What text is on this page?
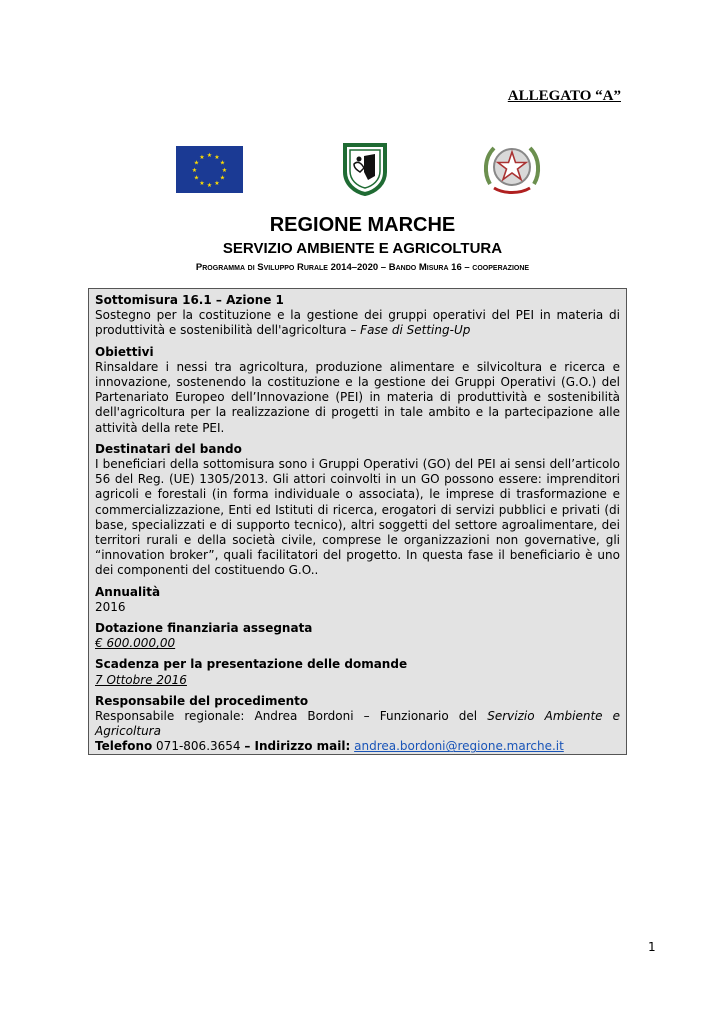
ALLEGATO “A”
★ ★
★
★
★
★
★
★
★
★
★
★
REGIONE MARCHE
SERVIZIO AMBIENTE E AGRICOLTURA
Programma di Sviluppo Rurale 2014–2020 – Bando Misura 16 – cooperazione
Sottomisura 16.1 – Azione 1

Sostegno per la costituzione e la gestione dei gruppi operativi del PEI in materia di produttività e sostenibilità dell'agricoltura – Fase di Setting-Up

Obiettivi

Rinsaldare i nessi tra agricoltura, produzione alimentare e silvicoltura e ricerca e innovazione, sostenendo la costituzione e la gestione dei Gruppi Operativi (G.O.) del Partenariato Europeo dell’Innovazione (PEI) in materia di produttività e sostenibilità dell'agricoltura per la realizzazione di progetti in tale ambito e la partecipazione alle attività della rete PEI.

Destinatari del bando

I beneficiari della sottomisura sono i Gruppi Operativi (GO) del PEI ai sensi dell’articolo 56 del Reg. (UE) 1305/2013. Gli attori coinvolti in un GO possono essere: imprenditori agricoli e forestali (in forma individuale o associata), le imprese di trasformazione e commercializzazione, Enti ed Istituti di ricerca, erogatori di servizi pubblici e privati (di base, specializzati e di supporto tecnico), altri soggetti del settore agroalimentare, dei territori rurali e della società civile, comprese le organizzazioni non governative, gli “innovation broker”, quali facilitatori del progetto. In questa fase il beneficiario è uno dei componenti del costituendo G.O..

Annualità

2016

Dotazione finanziaria assegnata

€ 600.000,00

Scadenza per la presentazione delle domande

7 Ottobre 2016

Responsabile del procedimento

Responsabile regionale: Andrea Bordoni – Funzionario del Servizio Ambiente e Agricoltura

Telefono 071-806.3654 – Indirizzo mail: andrea.bordoni@regione.marche.it

1
